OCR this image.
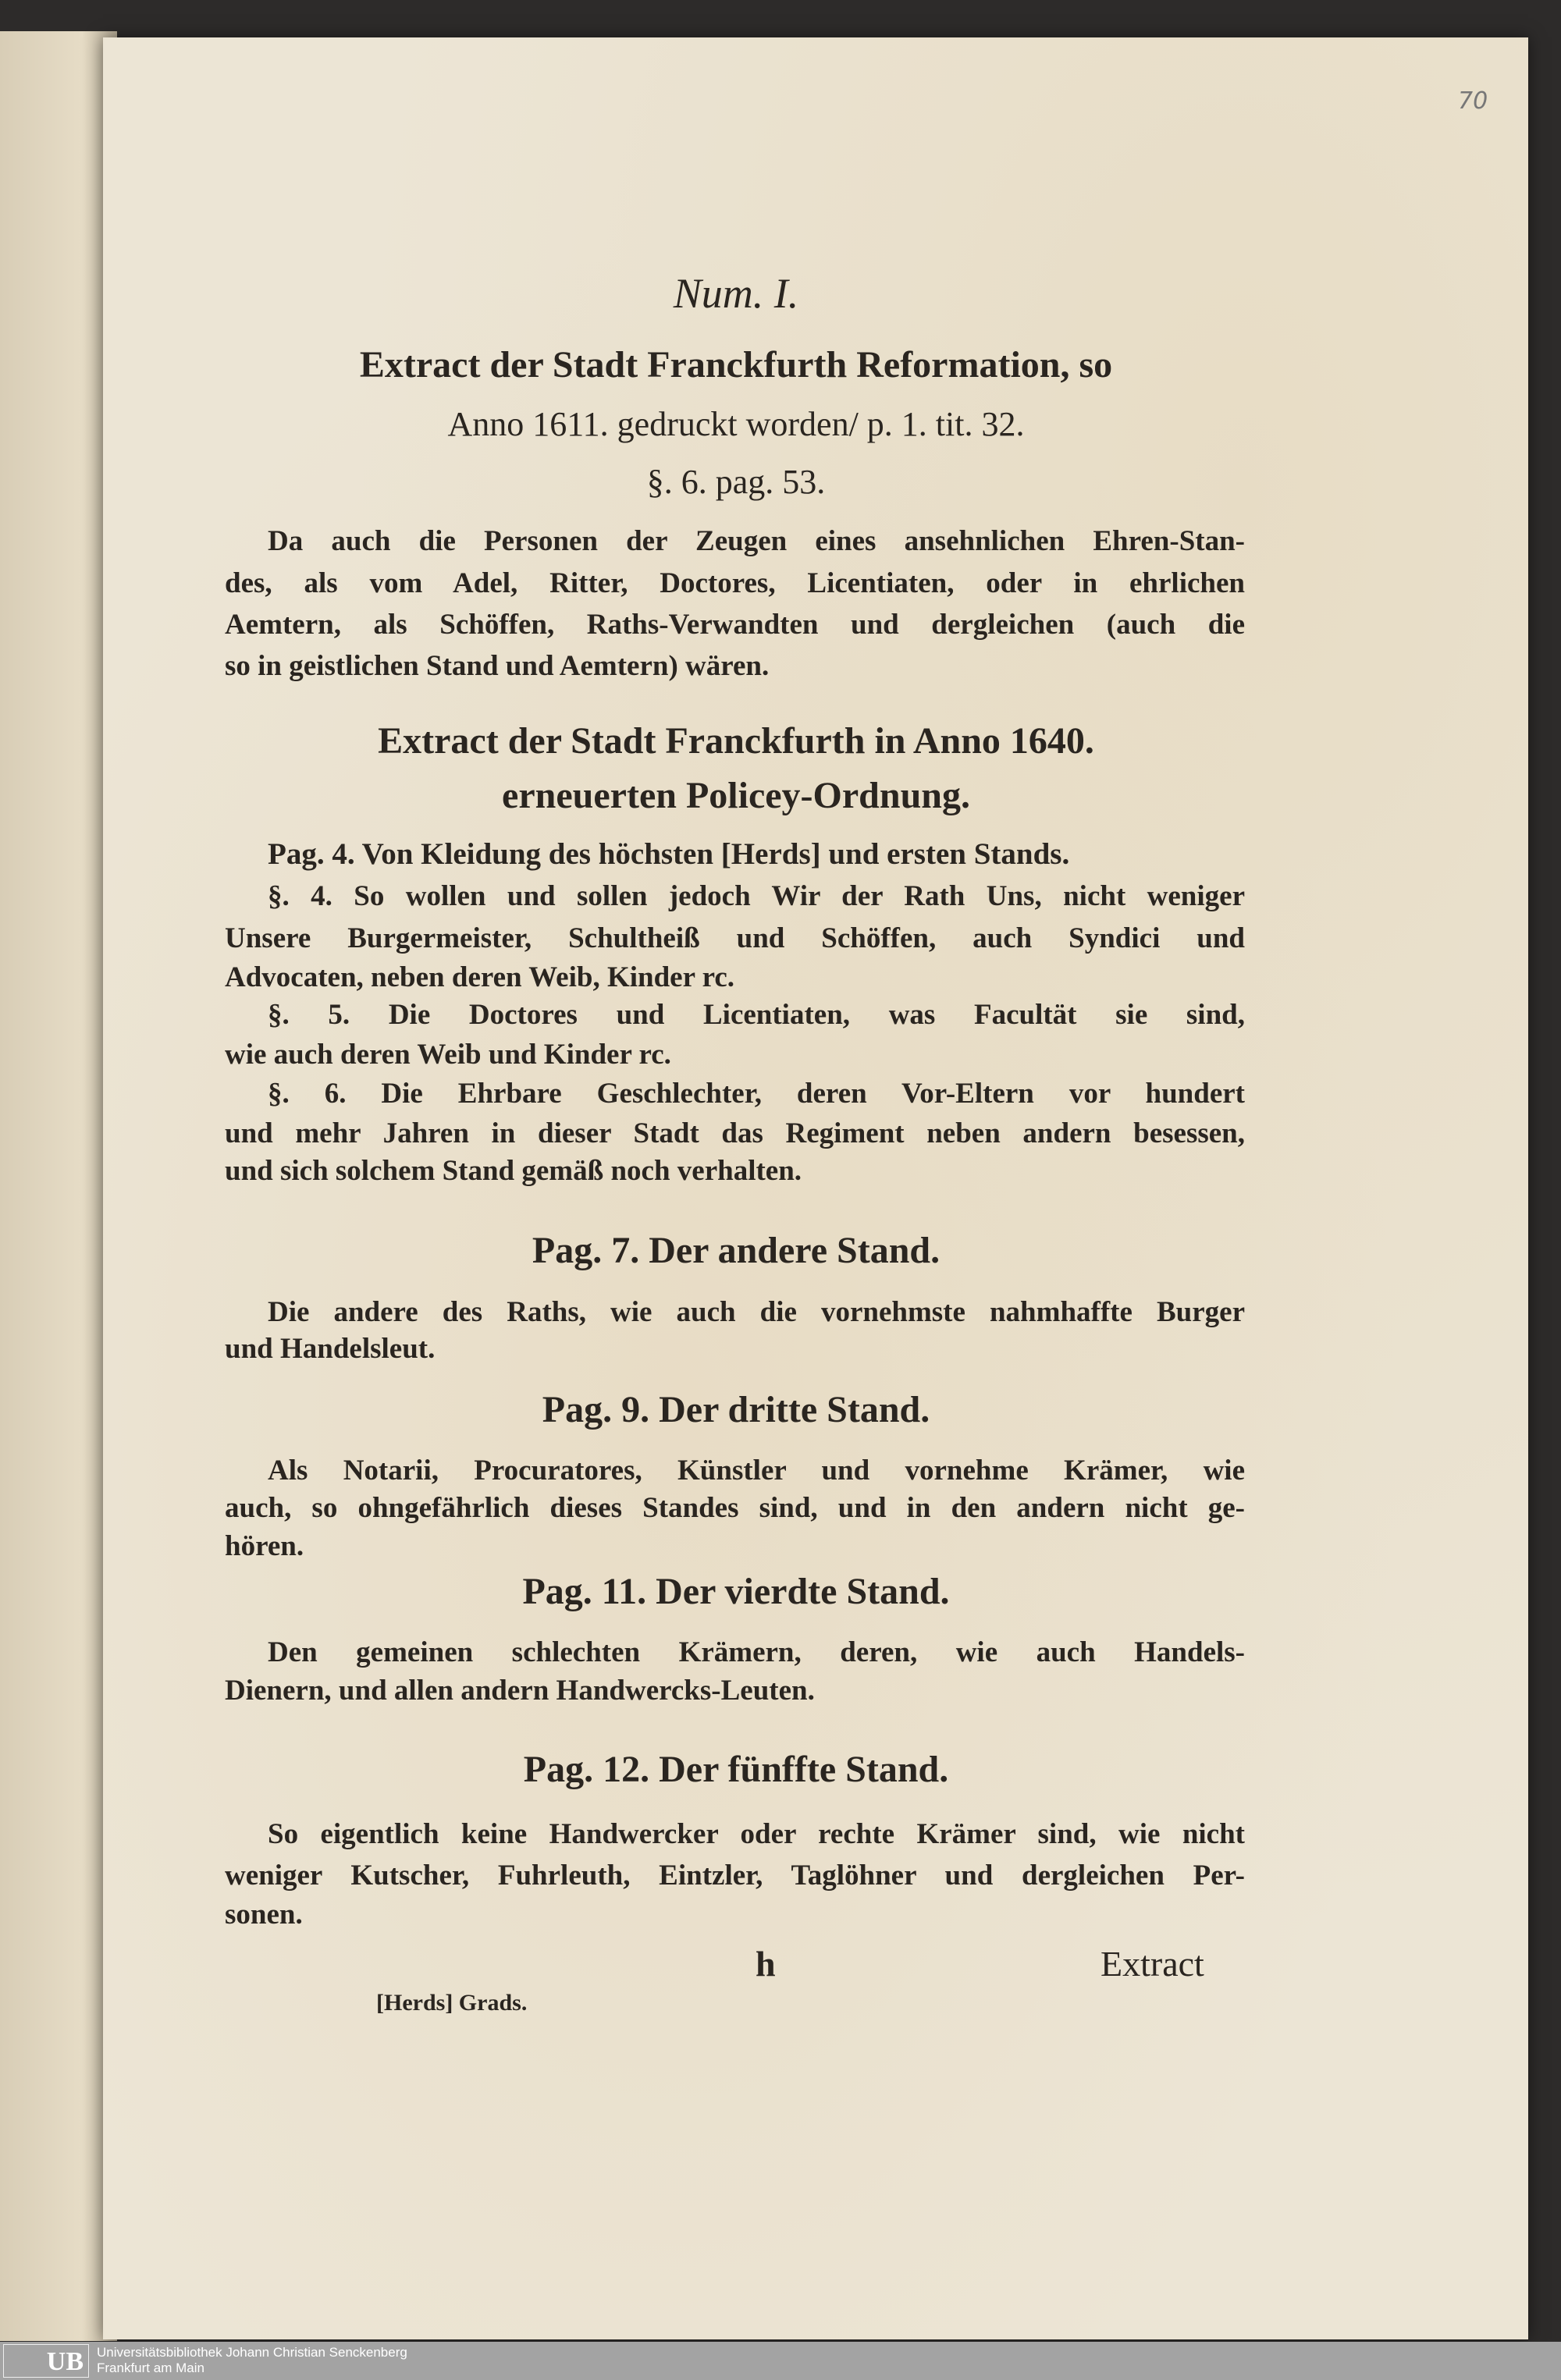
70
Num. I.
Extract der Stadt Franckfurth Reformation, so
Anno 1611. gedruckt worden/ p. 1. tit. 32.
§. 6. pag. 53.
Da auch die Personen der Zeugen eines ansehnlichen Ehren-Stan-
des, als vom Adel, Ritter, Doctores, Licentiaten, oder in ehrlichen
Aemtern, als Schöffen, Raths-Verwandten und dergleichen (auch die
so in geistlichen Stand und Aemtern) wären.
Extract der Stadt Franckfurth in Anno 1640.
erneuerten Policey-Ordnung.
Pag. 4. Von Kleidung des höchsten [Herds] und ersten Stands.
§. 4. So wollen und sollen jedoch Wir der Rath Uns, nicht weniger
Unsere Burgermeister, Schultheiß und Schöffen, auch Syndici und
Advocaten, neben deren Weib, Kinder rc.
§. 5. Die Doctores und Licentiaten, was Facultät sie sind,
wie auch deren Weib und Kinder rc.
§. 6. Die Ehrbare Geschlechter, deren Vor-Eltern vor hundert
und mehr Jahren in dieser Stadt das Regiment neben andern besessen,
und sich solchem Stand gemäß noch verhalten.
Pag. 7. Der andere Stand.
Die andere des Raths, wie auch die vornehmste nahmhaffte Burger
und Handelsleut.
Pag. 9. Der dritte Stand.
Als Notarii, Procuratores, Künstler und vornehme Krämer, wie
auch, so ohngefährlich dieses Standes sind, und in den andern nicht ge-
hören.
Pag. 11. Der vierdte Stand.
Den gemeinen schlechten Krämern, deren, wie auch Handels-
Dienern, und allen andern Handwercks-Leuten.
Pag. 12. Der fünffte Stand.
So eigentlich keine Handwercker oder rechte Krämer sind, wie nicht
weniger Kutscher, Fuhrleuth, Eintzler, Taglöhner und dergleichen Per-
sonen.
h	Extract
[Herds] Grads.
UB	Universitätsbibliothek Johann Christian Senckenberg
Frankfurt am Main
